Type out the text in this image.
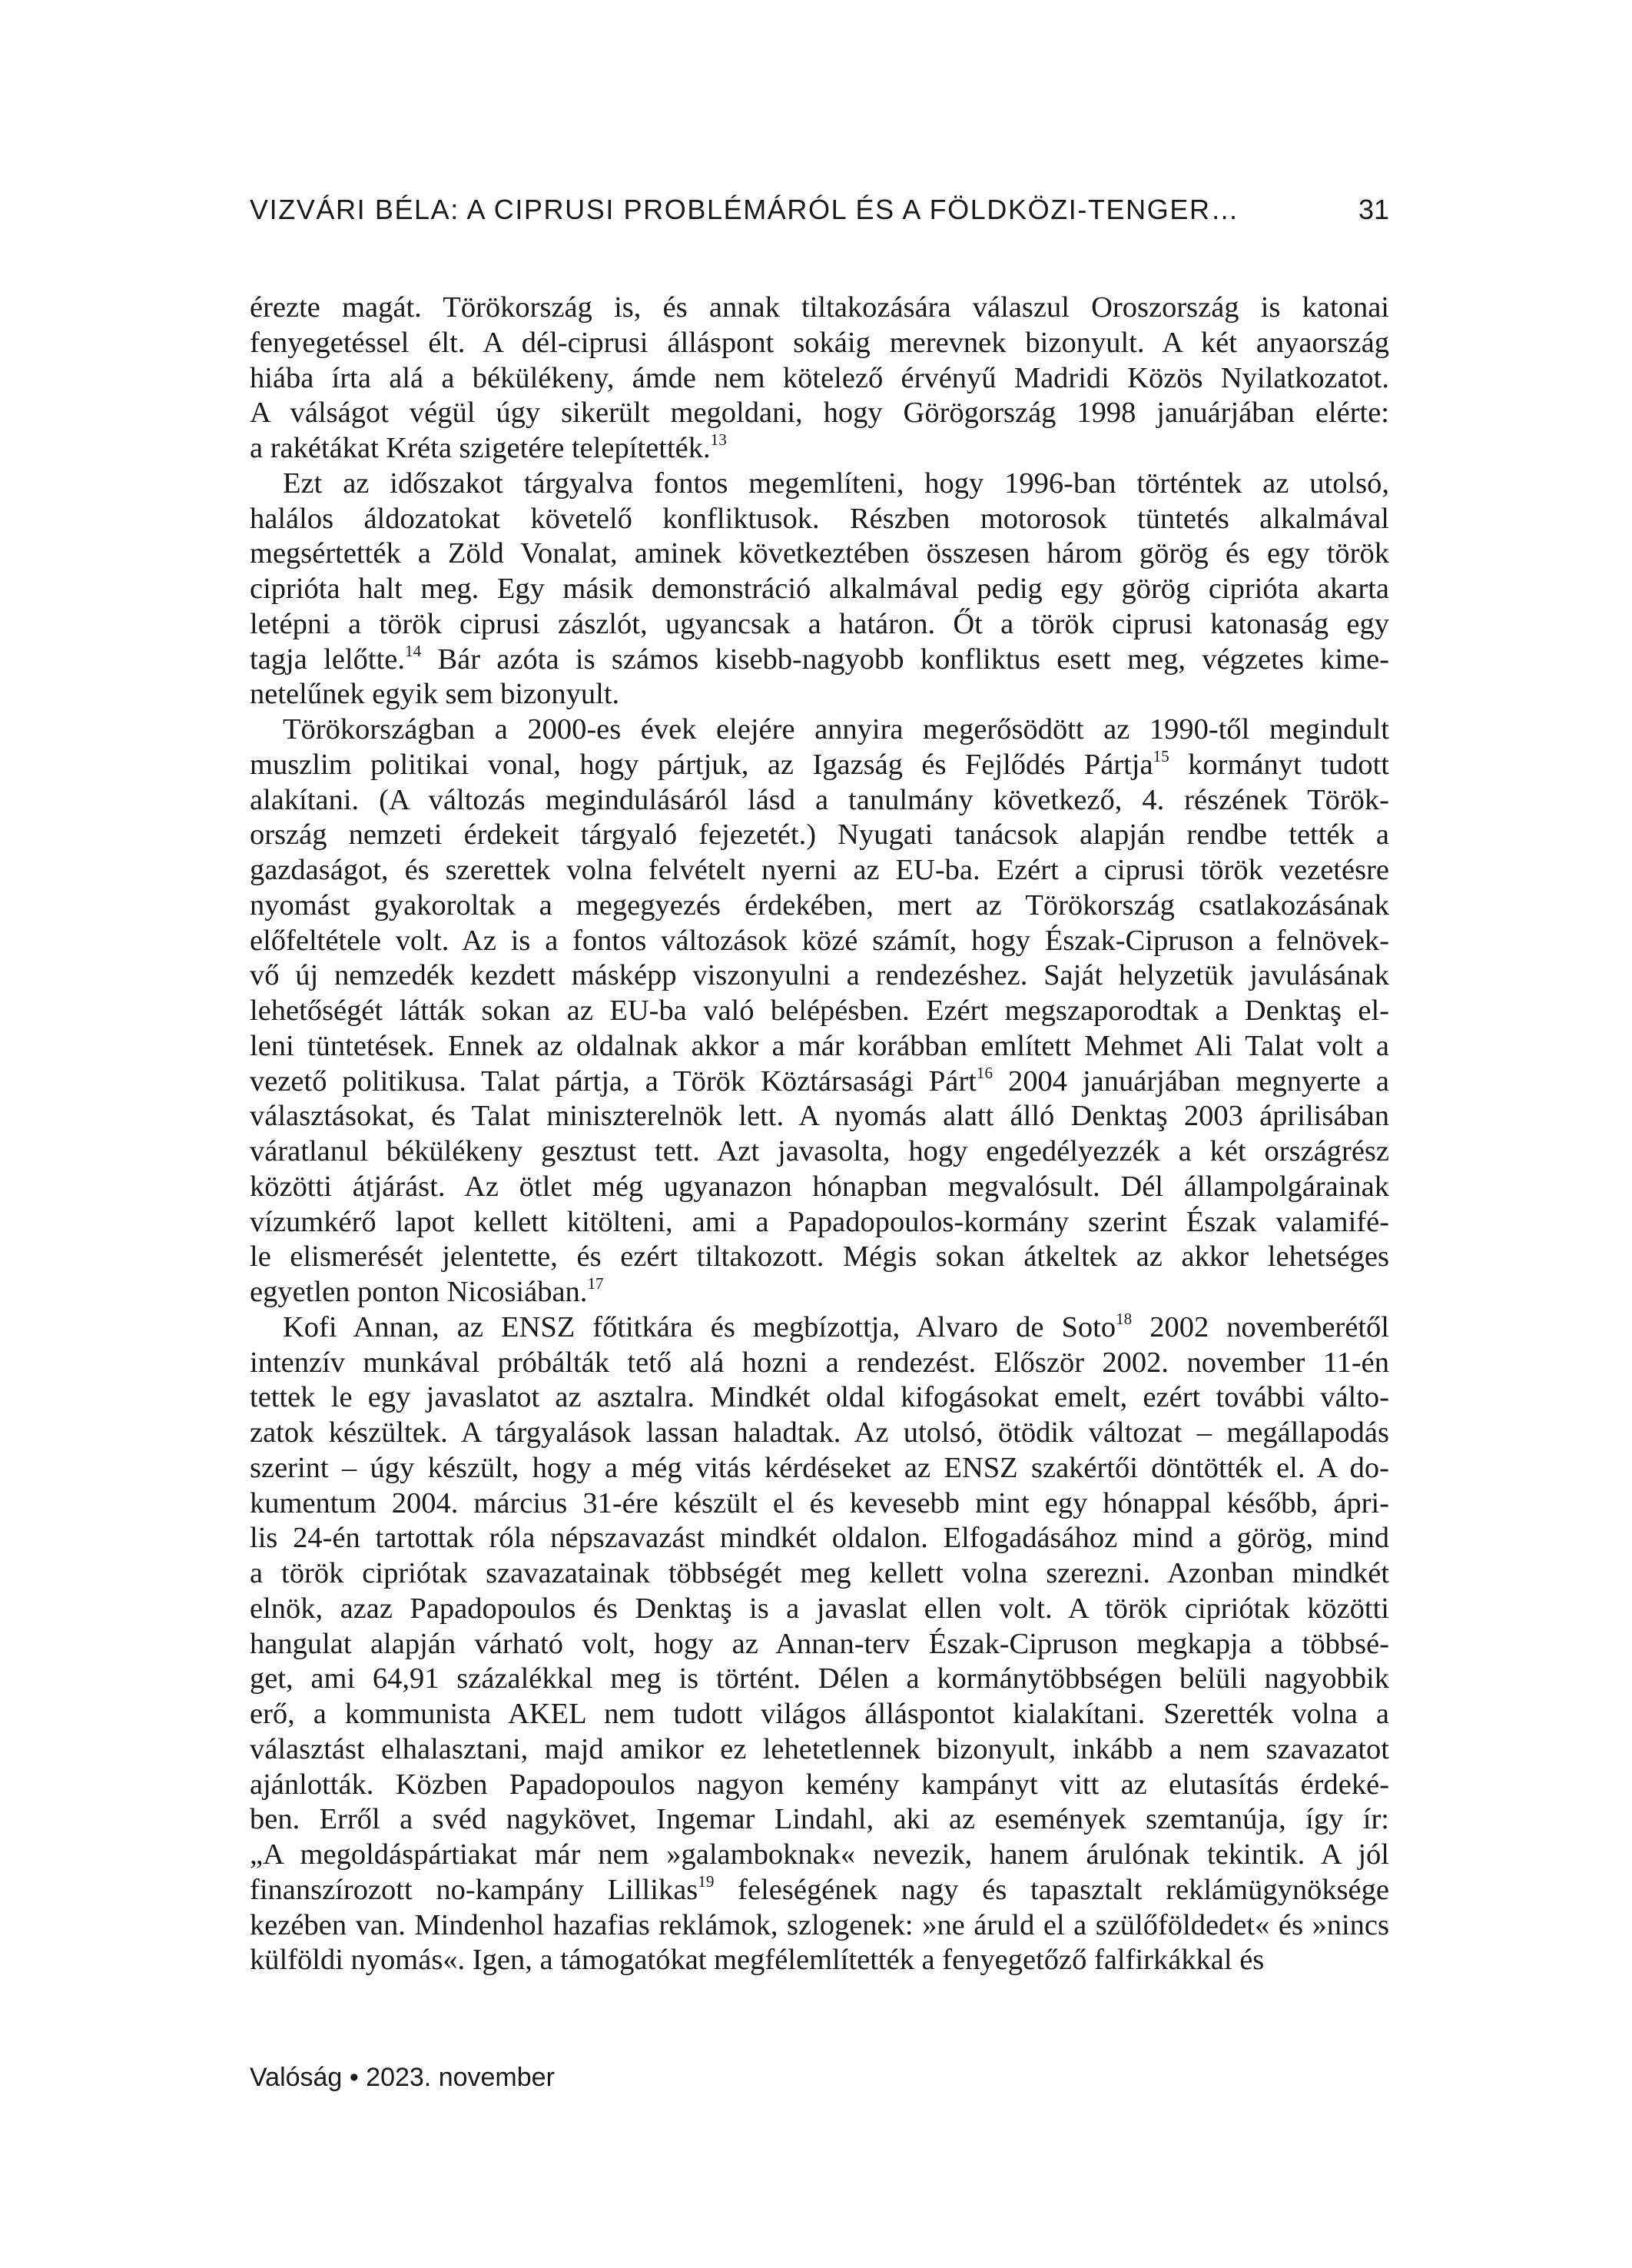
VIZVÁRI BÉLA: A CIPRUSI PROBLÉMÁRÓL ÉS A FÖLDKÖZI-TENGER…	31
érezte magát. Törökország is, és annak tiltakozására válaszul Oroszország is katonai
fenyegetéssel élt. A dél-ciprusi álláspont sokáig merevnek bizonyult. A két anyaország
hiába írta alá a békülékeny, ámde nem kötelező érvényű Madridi Közös Nyilatkozatot.
A válságot végül úgy sikerült megoldani, hogy Görögország 1998 januárjában elérte:
a rakétákat Kréta szigetére telepítették.$^{13}$
Ezt az időszakot tárgyalva fontos megemlíteni, hogy 1996-ban történtek az utolsó,
halálos áldozatokat követelő konfliktusok. Részben motorosok tüntetés alkalmával
megsértették a Zöld Vonalat, aminek következtében összesen három görög és egy török
ciprióta halt meg. Egy másik demonstráció alkalmával pedig egy görög ciprióta akarta
letépni a török ciprusi zászlót, ugyancsak a határon. Őt a török ciprusi katonaság egy
tagja lelőtte.$^{14}$ Bár azóta is számos kisebb-nagyobb konfliktus esett meg, végzetes kime-
netelűnek egyik sem bizonyult.
Törökországban a 2000-es évek elejére annyira megerősödött az 1990-től megindult
muszlim politikai vonal, hogy pártjuk, az Igazság és Fejlődés Pártja$^{15}$ kormányt tudott
alakítani. (A változás megindulásáról lásd a tanulmány következő, 4. részének Török-
ország nemzeti érdekeit tárgyaló fejezetét.) Nyugati tanácsok alapján rendbe tették a
gazdaságot, és szerettek volna felvételt nyerni az EU-ba. Ezért a ciprusi török vezetésre
nyomást gyakoroltak a megegyezés érdekében, mert az Törökország csatlakozásának
előfeltétele volt. Az is a fontos változások közé számít, hogy Észak-Cipruson a felnövek-
vő új nemzedék kezdett másképp viszonyulni a rendezéshez. Saját helyzetük javulásának
lehetőségét látták sokan az EU-ba való belépésben. Ezért megszaporodtak a Denktaş el-
leni tüntetések. Ennek az oldalnak akkor a már korábban említett Mehmet Ali Talat volt a
vezető politikusa. Talat pártja, a Török Köztársasági Párt$^{16}$ 2004 januárjában megnyerte a
választásokat, és Talat miniszterelnök lett. A nyomás alatt álló Denktaş 2003 áprilisában
váratlanul békülékeny gesztust tett. Azt javasolta, hogy engedélyezzék a két országrész
közötti átjárást. Az ötlet még ugyanazon hónapban megvalósult. Dél állampolgárainak
vízumkérő lapot kellett kitölteni, ami a Papadopoulos-kormány szerint Észak valamifé-
le elismerését jelentette, és ezért tiltakozott. Mégis sokan átkeltek az akkor lehetséges
egyetlen ponton Nicosiában.$^{17}$
Kofi Annan, az ENSZ főtitkára és megbízottja, Alvaro de Soto$^{18}$ 2002 novemberétől
intenzív munkával próbálták tető alá hozni a rendezést. Először 2002. november 11-én
tettek le egy javaslatot az asztalra. Mindkét oldal kifogásokat emelt, ezért további válto-
zatok készültek. A tárgyalások lassan haladtak. Az utolsó, ötödik változat – megállapodás
szerint – úgy készült, hogy a még vitás kérdéseket az ENSZ szakértői döntötték el. A do-
kumentum 2004. március 31-ére készült el és kevesebb mint egy hónappal később, ápri-
lis 24-én tartottak róla népszavazást mindkét oldalon. Elfogadásához mind a görög, mind
a török cipriótak szavazatainak többségét meg kellett volna szerezni. Azonban mindkét
elnök, azaz Papadopoulos és Denktaş is a javaslat ellen volt. A török cipriótak közötti
hangulat alapján várható volt, hogy az Annan-terv Észak-Cipruson megkapja a többsé-
get, ami 64,91 százalékkal meg is történt. Délen a kormánytöbbségen belüli nagyobbik
erő, a kommunista AKEL nem tudott világos álláspontot kialakítani. Szerették volna a
választást elhalasztani, majd amikor ez lehetetlennek bizonyult, inkább a nem szavazatot
ajánlották. Közben Papadopoulos nagyon kemény kampányt vitt az elutasítás érdeké-
ben. Erről a svéd nagykövet, Ingemar Lindahl, aki az események szemtanúja, így ír:
„A megoldáspártiakat már nem »galamboknak« nevezik, hanem árulónak tekintik. A jól
finanszírozott no-kampány Lillikas$^{19}$ feleségének nagy és tapasztalt reklámügynöksége
kezében van. Mindenhol hazafias reklámok, szlogenek: »ne áruld el a szülőföldedet« és »nincs
külföldi nyomás«. Igen, a támogatókat megfélemlítették a fenyegetőző falfirkákkal és
Valóság • 2023. november
